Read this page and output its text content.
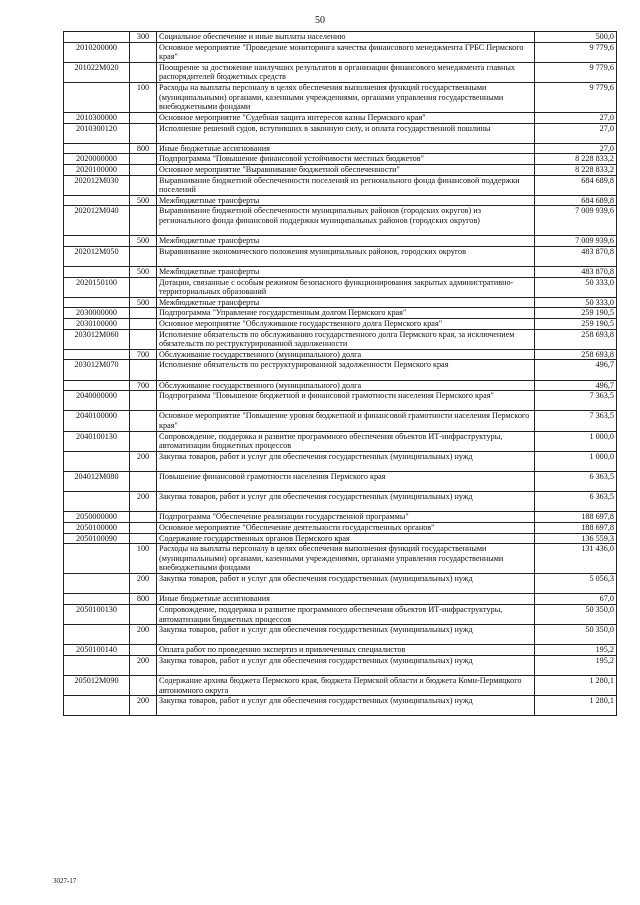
50
	300	Социальное обеспечение и иные выплаты населению	500,0
2010200000		Основное мероприятие "Проведение мониторинга качества финансового менеджмента ГРБС Пермского края"	9 779,6
201022М020		Поощрение за достижение наилучших результатов в организации финансового менеджмента главных распорядителей бюджетных средств	9 779,6
	100	Расходы на выплаты персоналу в целях обеспечения выполнения функций государственными (муниципальными) органами, казенными учреждениями, органами управления государственными внебюджетными фондами	9 779,6
2010300000		Основное мероприятие "Судебная защита интересов казны Пермского края"	27,0
2010300120		Исполнение решений судов, вступивших в законную силу, и оплата государственной пошлины	27,0
	800	Иные бюджетные ассигнования	27,0
2020000000		Подпрограмма "Повышение финансовой устойчивости местных бюджетов"	8 228 833,2
2020100000		Основное мероприятие "Выравнивание бюджетной обеспеченности"	8 228 833,2
202012М030		Выравнивание бюджетной обеспеченности поселений из регионального фонда финансовой поддержки поселений	684 689,8
	500	Межбюджетные трансферты	684 689,8
202012М040		Выравнивание бюджетной обеспеченности муниципальных районов (городских округов) из регионального фонда финансовой поддержки муниципальных районов (городских округов)	7 009 939,6
	500	Межбюджетные трансферты	7 009 939,6
202012М050		Выравнивание экономического положения муниципальных районов, городских округов	483 870,8
	500	Межбюджетные трансферты	483 870,8
2020150100		Дотации, связанные с особым режимом безопасного функционирования закрытых административно-территориальных образований	50 333,0
	500	Межбюджетные трансферты	50 333,0
2030000000		Подпрограмма "Управление государственным долгом Пермского края"	259 190,5
2030100000		Основное мероприятие "Обслуживание государственного долга Пермского края"	259 190,5
203012М060		Исполнение обязательств по обслуживанию государственного долга Пермского края, за исключением обязательств по реструктурированной задолженности	258 693,8
	700	Обслуживание государственного (муниципального) долга	258 693,8
203012М070		Исполнение обязательств по реструктурированной задолженности Пермского края	496,7
	700	Обслуживание государственного (муниципального) долга	496,7
2040000000		Подпрограмма "Повышение бюджетной и финансовой грамотности населения Пермского края"	7 363,5
2040100000		Основное мероприятие "Повышение уровня бюджетной и финансовой грамотности населения Пермского края"	7 363,5
2040100130		Сопровождение, поддержка и развитие программного обеспечения объектов ИТ-инфраструктуры, автоматизации бюджетных процессов	1 000,0
	200	Закупка товаров, работ и услуг для обеспечения государственных (муниципальных) нужд	1 000,0
204012М080		Повышение финансовой грамотности населения Пермского края	6 363,5
	200	Закупка товаров, работ и услуг для обеспечения государственных (муниципальных) нужд	6 363,5
2050000000		Подпрограмма "Обеспечение реализации государственной программы"	188 697,8
2050100000		Основное мероприятие "Обеспечение деятельности государственных органов"	188 697,8
2050100090		Содержание государственных органов Пермского края	136 559,3
	100	Расходы на выплаты персоналу в целях обеспечения выполнения функций государственными (муниципальными) органами, казенными учреждениями, органами управления государственными внебюджетными фондами	131 436,0
	200	Закупка товаров, работ и услуг для обеспечения государственных (муниципальных) нужд	5 056,3
	800	Иные бюджетные ассигнования	67,0
2050100130		Сопровождение, поддержка и развитие программного обеспечения объектов ИТ-инфраструктуры, автоматизации бюджетных процессов	50 350,0
	200	Закупка товаров, работ и услуг для обеспечения государственных (муниципальных) нужд	50 350,0
2050100140		Оплата работ по проведению экспертиз и привлеченных специалистов	195,2
	200	Закупка товаров, работ и услуг для обеспечения государственных (муниципальных) нужд	195,2
205012М090		Содержание архива бюджета Пермского края, бюджета Пермской области и бюджета Коми-Пермяцкого автономного округа	1 280,1
	200	Закупка товаров, работ и услуг для обеспечения государственных (муниципальных) нужд	1 280,1
3027-17
